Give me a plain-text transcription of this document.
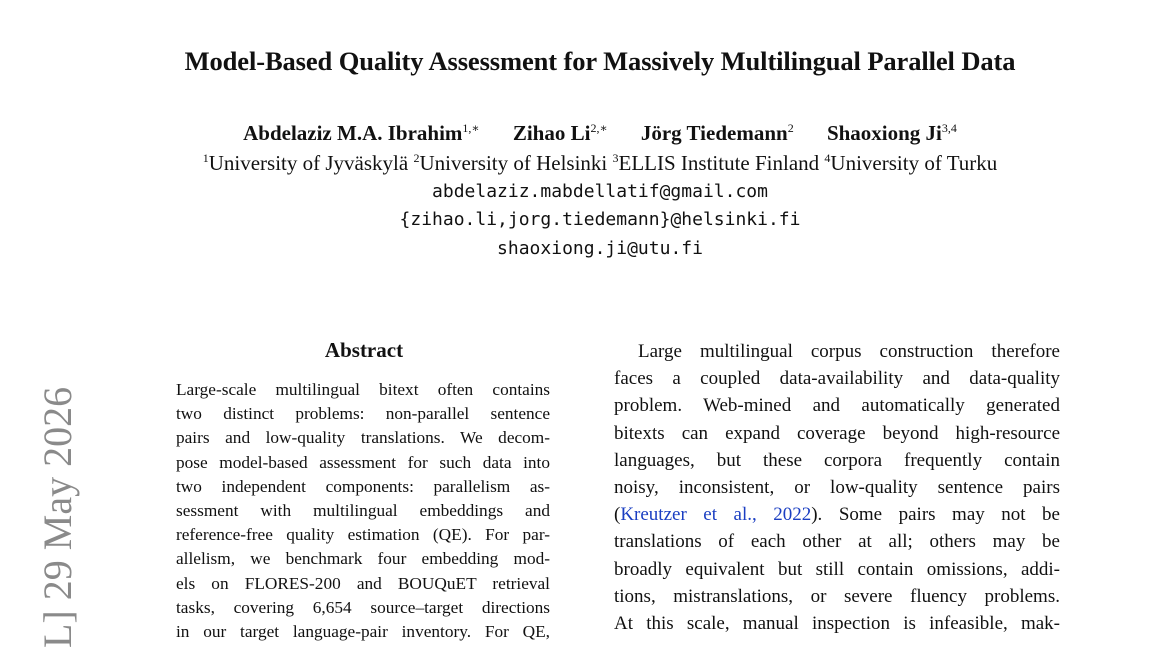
Model-Based Quality Assessment for Massively Multilingual Parallel Data
Abdelaziz M.A. Ibrahim$^{1,∗}$ Zihao $Li^{2,∗}$ Jörg Tiedemann$^2$ Shaoxiong Ji$^{3,4}$
$^1$University of Jyväskylä $^2$University of Helsinki $^3$ELLIS Institute Finland $^4$University of Turku
abdelaziz.mabdellatif@gmail.com
{zihao.li,jorg.tiedemann}@helsinki.fi
shaoxiong.ji@utu.fi
L] 29 May 2026
Abstract
Large-scale multilingual bitext often contains
two distinct problems: non-parallel sentence
pairs and low-quality translations. We decom-
pose model-based assessment for such data into
two independent components: parallelism as-
sessment with multilingual embeddings and
reference-free quality estimation (QE). For par-
allelism, we benchmark four embedding mod-
els on FLORES-200 and BOUQuET retrieval
tasks, covering 6,654 source–target directions
in our target language-pair inventory. For QE,
Large multilingual corpus construction therefore
faces a coupled data-availability and data-quality
problem. Web-mined and automatically generated
bitexts can expand coverage beyond high-resource
languages, but these corpora frequently contain
noisy, inconsistent, or low-quality sentence pairs
(Kreutzer et al., 2022). Some pairs may not be
translations of each other at all; others may be
broadly equivalent but still contain omissions, addi-
tions, mistranslations, or severe fluency problems.
At this scale, manual inspection is infeasible, mak-
